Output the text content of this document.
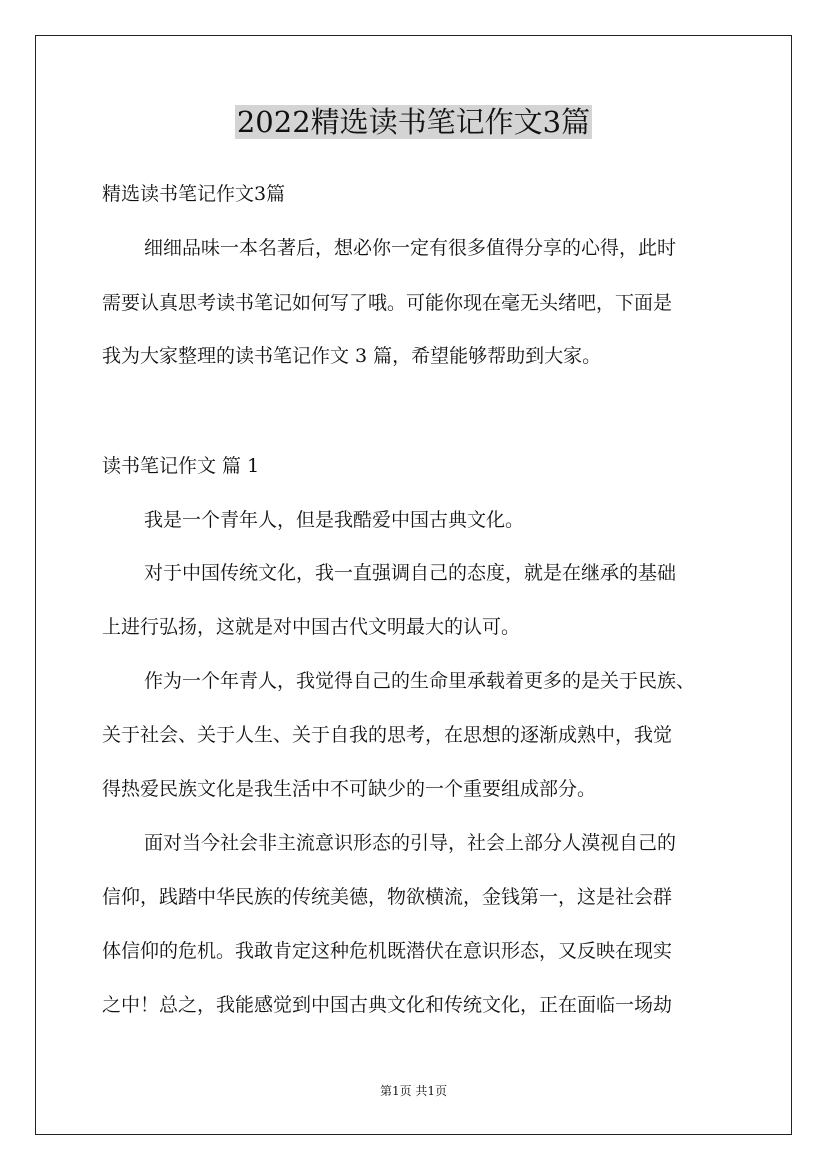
2022精选读书笔记作文3篇
精选读书笔记作文3篇
细细品味一本名著后，想必你一定有很多值得分享的心得，此时
需要认真思考读书笔记如何写了哦。可能你现在毫无头绪吧，下面是
我为大家整理的读书笔记作文 3 篇，希望能够帮助到大家。
读书笔记作文 篇 1
我是一个青年人，但是我酷爱中国古典文化。
对于中国传统文化，我一直强调自己的态度，就是在继承的基础
上进行弘扬，这就是对中国古代文明最大的认可。
作为一个年青人，我觉得自己的生命里承载着更多的是关于民族、
关于社会、关于人生、关于自我的思考，在思想的逐渐成熟中，我觉
得热爱民族文化是我生活中不可缺少的一个重要组成部分。
面对当今社会非主流意识形态的引导，社会上部分人漠视自己的
信仰，践踏中华民族的传统美德，物欲横流，金钱第一，这是社会群
体信仰的危机。我敢肯定这种危机既潜伏在意识形态，又反映在现实
之中！总之，我能感觉到中国古典文化和传统文化，正在面临一场劫
第1页 共1页
